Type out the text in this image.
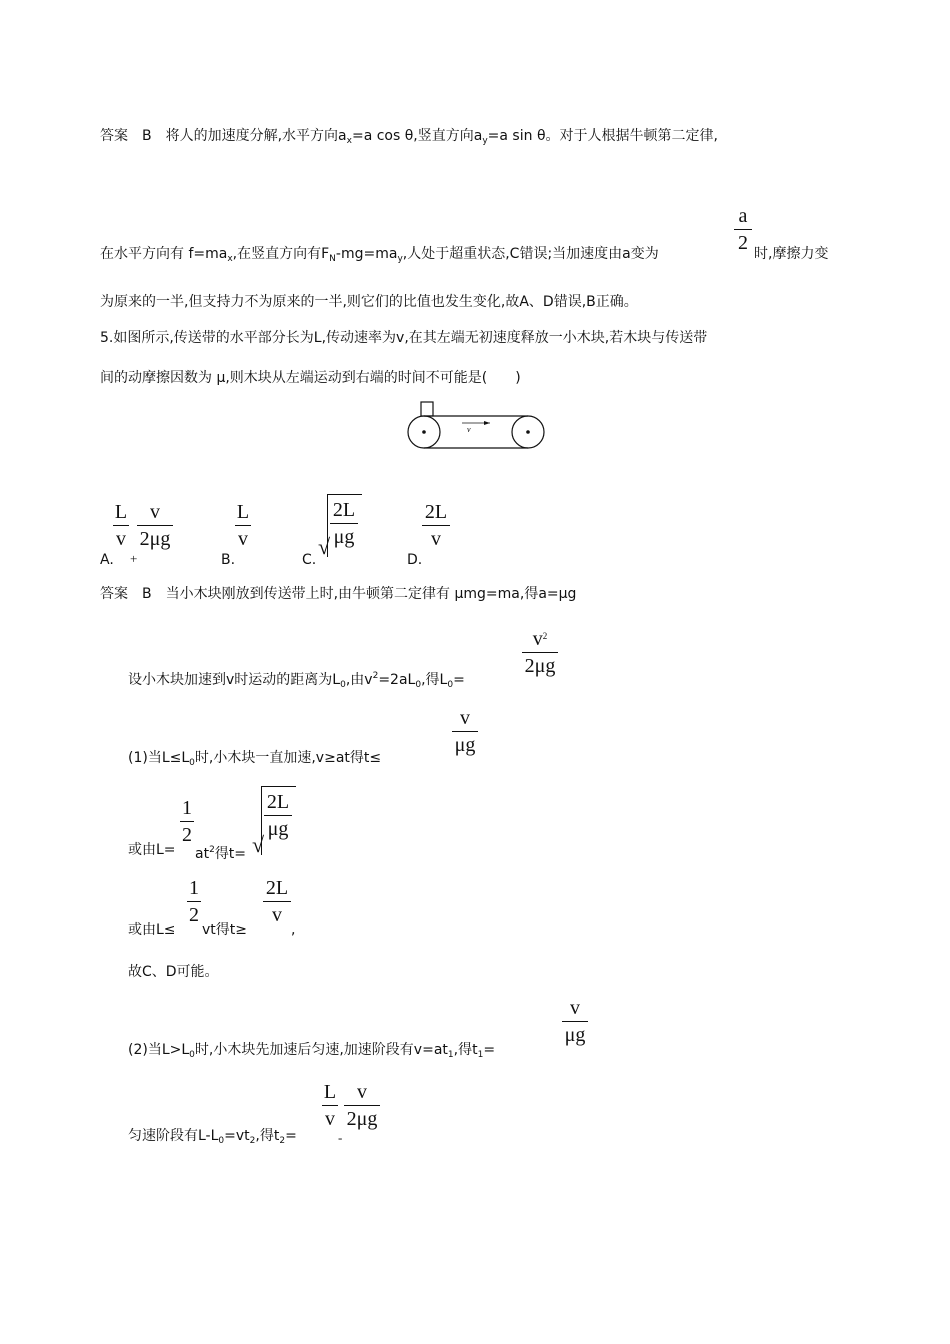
答案　B　将人的加速度分解,水平方向$a_x=a$ cos θ,竖直方向$a_y=a$ sin θ。对于人根据牛顿第二定律,
a
2
在水平方向有 $f=ma_x$,在竖直方向有$F_N-mg=ma_y$,人处于超重状态,C错误;当加速度由a变为	时,摩擦力变
为原来的一半,但支持力不为原来的一半,则它们的比值也发生变化,故A、D错误,B正确。
5.如图所示,传送带的水平部分长为L,传动速率为v,在其左端无初速度释放一小木块,若木块与传送带
间的动摩擦因数为 μ,则木块从左端运动到右端的时间不可能是(　　)
v
A.
L
v
+
v
2μg
B.
L
v
C.
√
2L
μg
D.
2L
v
答案　B　当小木块刚放到传送带上时,由牛顿第二定律有 μmg=ma,得a=μg
$v^2$
2μg
设小木块加速到v时运动的距离为$L_0$,由$v^2=2aL_0$,得$L_0=$
v
μg
(1)当$L\le L_0$时,小木块一直加速,v≥at得t≤
1
2
或由$L= at^2$得t= √
2L
μg
1
2
或由L≤ vt得t≥
2L
v
,
故C、D可能。
v
μg
(2)当$L>L_0$时,小木块先加速后匀速,加速阶段有$v=at_1$,得$t_1=$
L
v
-
v
2μg
匀速阶段有$L-L_0=vt_2$,得$t_2=$
